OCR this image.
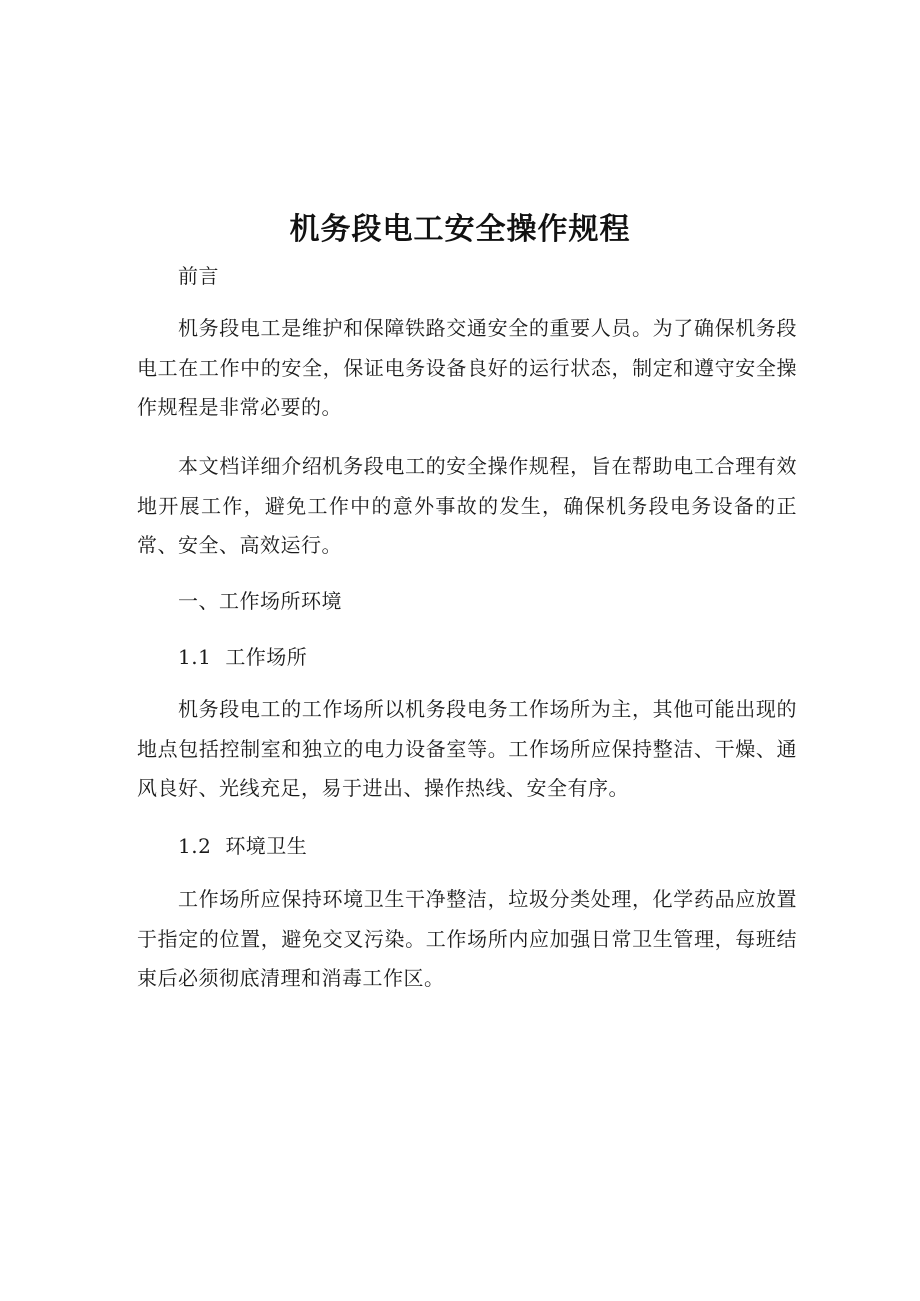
机务段电工安全操作规程
前言
机务段电工是维护和保障铁路交通安全的重要人员。为了确保机务段电工在工作中的安全，保证电务设备良好的运行状态，制定和遵守安全操作规程是非常必要的。
本文档详细介绍机务段电工的安全操作规程，旨在帮助电工合理有效地开展工作，避免工作中的意外事故的发生，确保机务段电务设备的正常、安全、高效运行。
一、工作场所环境
1.1 工作场所
机务段电工的工作场所以机务段电务工作场所为主，其他可能出现的地点包括控制室和独立的电力设备室等。工作场所应保持整洁、干燥、通风良好、光线充足，易于进出、操作热线、安全有序。
1.2 环境卫生
工作场所应保持环境卫生干净整洁，垃圾分类处理，化学药品应放置于指定的位置，避免交叉污染。工作场所内应加强日常卫生管理，每班结束后必须彻底清理和消毒工作区。
